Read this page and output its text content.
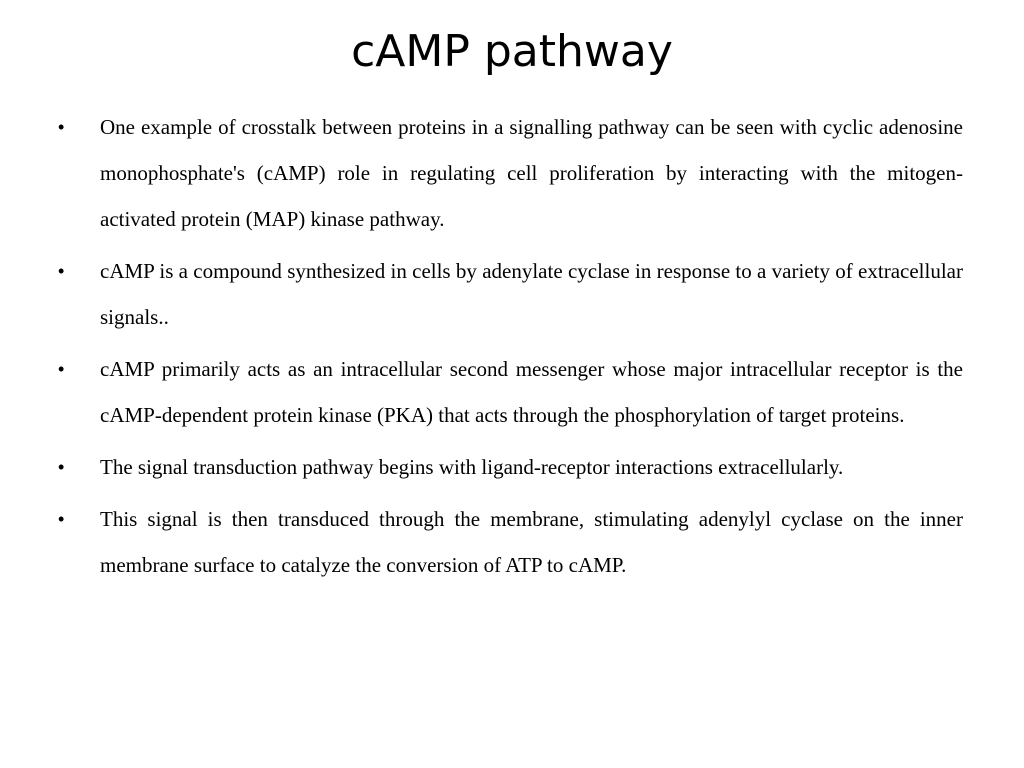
cAMP pathway
• One example of crosstalk between proteins in a signalling pathway can be seen with cyclic adenosine monophosphate's (cAMP) role in regulating cell proliferation by interacting with the mitogen-activated protein (MAP) kinase pathway.
• cAMP is a compound synthesized in cells by adenylate cyclase in response to a variety of extracellular signals..
• cAMP primarily acts as an intracellular second messenger whose major intracellular receptor is the cAMP-dependent protein kinase (PKA) that acts through the phosphorylation of target proteins.
• The signal transduction pathway begins with ligand-receptor interactions extracellularly.
• This signal is then transduced through the membrane, stimulating adenylyl cyclase on the inner membrane surface to catalyze the conversion of ATP to cAMP.
